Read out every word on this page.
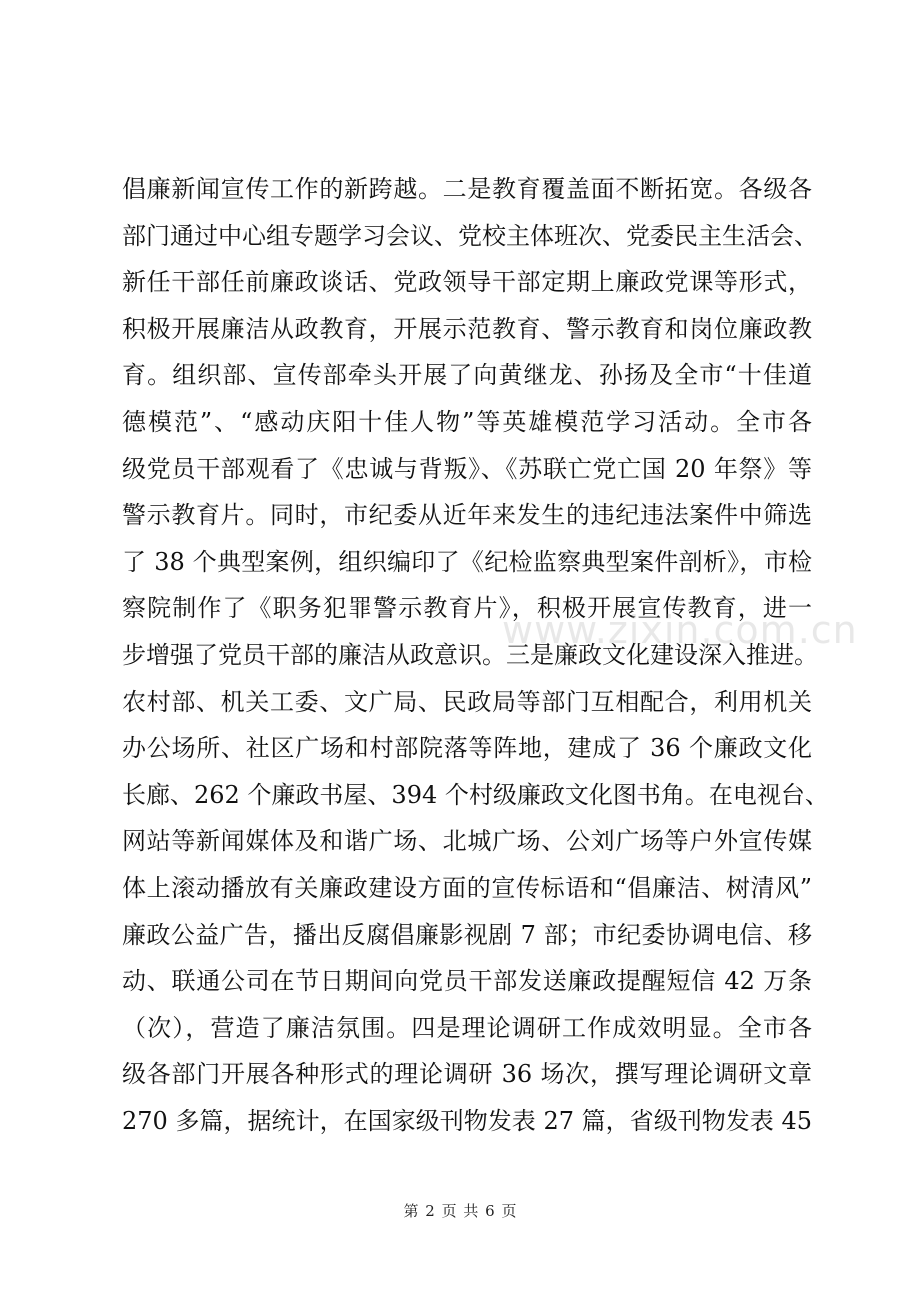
倡廉新闻宣传工作的新跨越。二是教育覆盖面不断拓宽。各级各
部门通过中心组专题学习会议、党校主体班次、党委民主生活会、
新任干部任前廉政谈话、党政领导干部定期上廉政党课等形式，
积极开展廉洁从政教育，开展示范教育、警示教育和岗位廉政教
育。组织部、宣传部牵头开展了向黄继龙、孙扬及全市“十佳道
德模范”、“感动庆阳十佳人物”等英雄模范学习活动。全市各
级党员干部观看了《忠诚与背叛》、《苏联亡党亡国 20 年祭》等
警示教育片。同时，市纪委从近年来发生的违纪违法案件中筛选
了 38 个典型案例，组织编印了《纪检监察典型案件剖析》，市检
察院制作了《职务犯罪警示教育片》，积极开展宣传教育，进一
步增强了党员干部的廉洁从政意识。三是廉政文化建设深入推进。
农村部、机关工委、文广局、民政局等部门互相配合，利用机关
办公场所、社区广场和村部院落等阵地，建成了 36 个廉政文化
长廊、262 个廉政书屋、394 个村级廉政文化图书角。在电视台、
网站等新闻媒体及和谐广场、北城广场、公刘广场等户外宣传媒
体上滚动播放有关廉政建设方面的宣传标语和“倡廉洁、树清风”
廉政公益广告，播出反腐倡廉影视剧 7 部；市纪委协调电信、移
动、联通公司在节日期间向党员干部发送廉政提醒短信 42 万条
（次），营造了廉洁氛围。四是理论调研工作成效明显。全市各
级各部门开展各种形式的理论调研 36 场次，撰写理论调研文章
270 多篇，据统计，在国家级刊物发表 27 篇，省级刊物发表 45
www.zixin.com.cn
第 2 页 共 6 页
